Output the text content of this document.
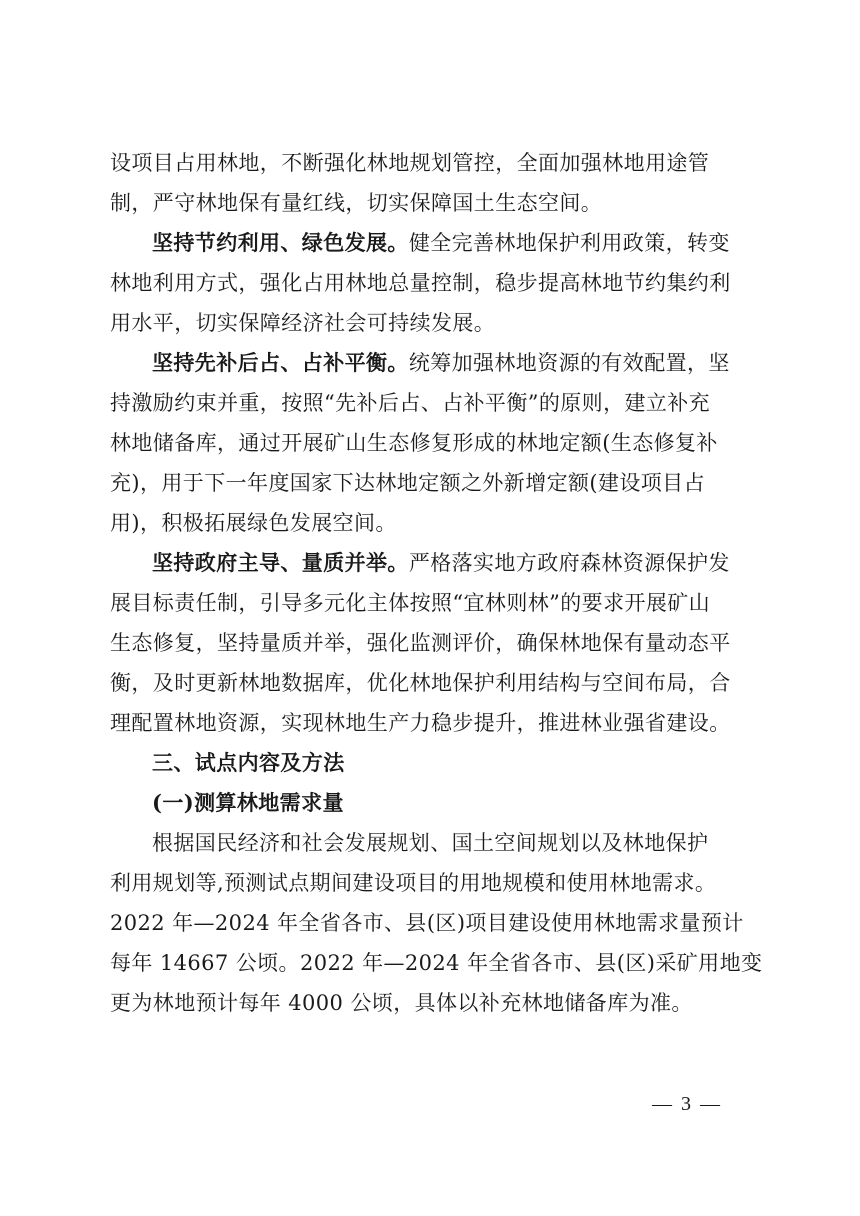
设项目占用林地，不断强化林地规划管控，全面加强林地用途管
制，严守林地保有量红线，切实保障国土生态空间。
坚持节约利用、绿色发展。健全完善林地保护利用政策，转变
林地利用方式，强化占用林地总量控制，稳步提高林地节约集约利
用水平，切实保障经济社会可持续发展。
坚持先补后占、占补平衡。统筹加强林地资源的有效配置，坚
持激励约束并重，按照“先补后占、占补平衡”的原则，建立补充
林地储备库，通过开展矿山生态修复形成的林地定额(生态修复补
充)，用于下一年度国家下达林地定额之外新增定额(建设项目占
用)，积极拓展绿色发展空间。
坚持政府主导、量质并举。严格落实地方政府森林资源保护发
展目标责任制，引导多元化主体按照“宜林则林”的要求开展矿山
生态修复，坚持量质并举，强化监测评价，确保林地保有量动态平
衡，及时更新林地数据库，优化林地保护利用结构与空间布局，合
理配置林地资源，实现林地生产力稳步提升，推进林业强省建设。
三、试点内容及方法
(一)测算林地需求量
根据国民经济和社会发展规划、国土空间规划以及林地保护
利用规划等,预测试点期间建设项目的用地规模和使用林地需求。
2022 年—2024 年全省各市、县(区)项目建设使用林地需求量预计
每年 14667 公顷。2022 年—2024 年全省各市、县(区)采矿用地变
更为林地预计每年 4000 公顷，具体以补充林地储备库为准。
— 3 —
